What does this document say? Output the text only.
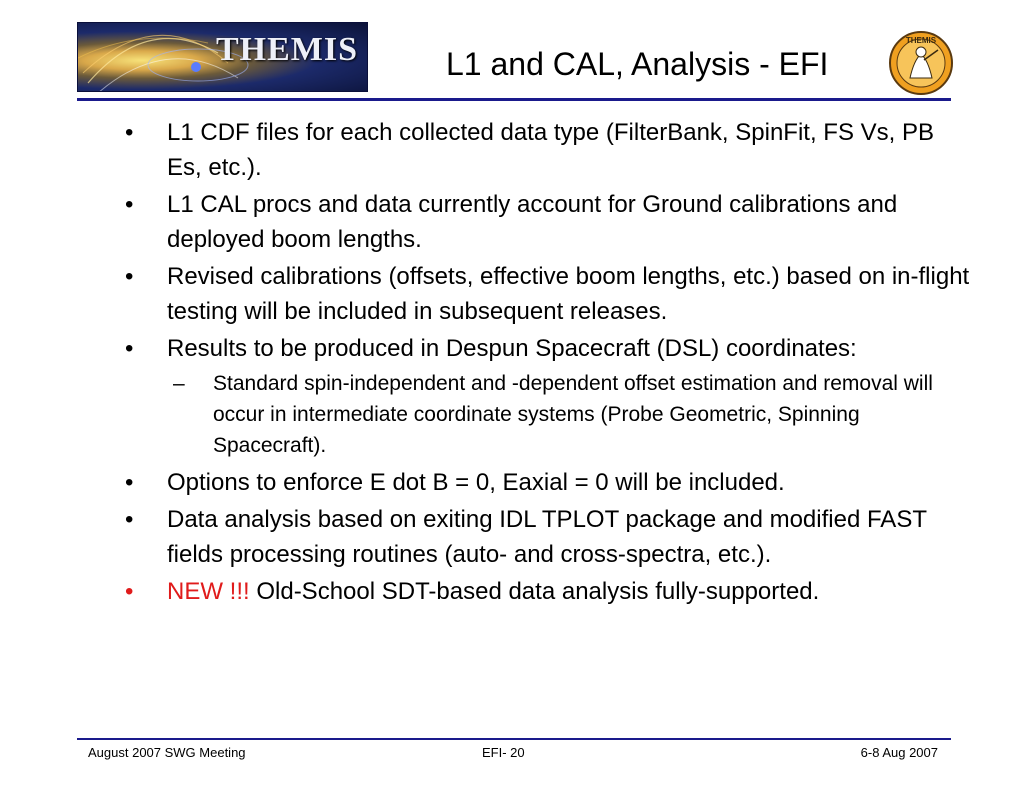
THEMIS	L1 and CAL, Analysis - EFI
THEMIS
• L1 CDF files for each collected data type (FilterBank, SpinFit, FS Vs, PB Es, etc.).
• L1 CAL procs and data currently account for Ground calibrations and deployed boom lengths.
• Revised calibrations (offsets, effective boom lengths, etc.) based on in-flight testing will be included in subsequent releases.
• Results to be produced in Despun Spacecraft (DSL) coordinates:
– Standard spin-independent and -dependent offset estimation and removal will occur in intermediate coordinate systems (Probe Geometric, Spinning Spacecraft).
• Options to enforce E dot B = 0, Eaxial = 0 will be included.
• Data analysis based on exiting IDL TPLOT package and modified FAST fields processing routines (auto- and cross-spectra, etc.).
• NEW !!! Old-School SDT-based data analysis fully-supported.
August 2007 SWG Meeting	EFI- 20	6-8 Aug 2007
